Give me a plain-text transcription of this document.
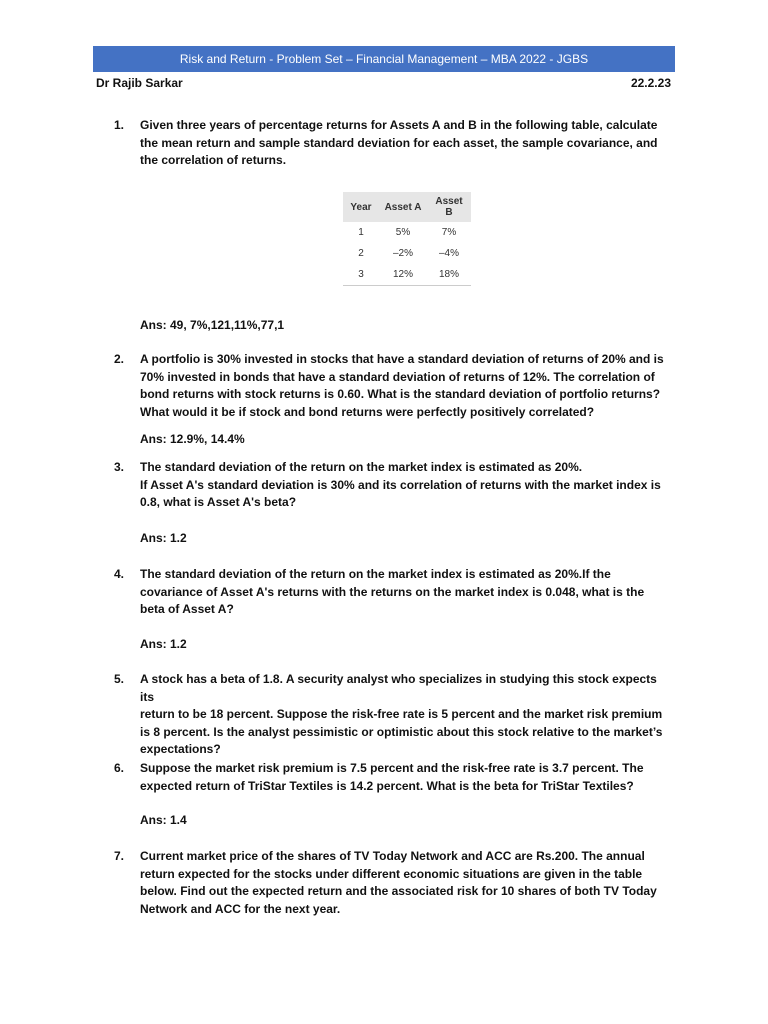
Risk and Return - Problem Set – Financial Management – MBA 2022 - JGBS
Dr Rajib Sarkar	22.2.23
1.	Given three years of percentage returns for Assets A and B in the following table, calculate

the mean return and sample standard deviation for each asset, the sample covariance, and

the correlation of returns.

Year	Asset A	Asset B
1	5%	7%
2	–2%	–4%
3	12%	18%
Ans: 49, 7%,121,11%,77,1
2.	A portfolio is 30% invested in stocks that have a standard deviation of returns of 20% and is

70% invested in bonds that have a standard deviation of returns of 12%. The correlation of

bond returns with stock returns is 0.60. What is the standard deviation of portfolio returns?

What would it be if stock and bond returns were perfectly positively correlated?

Ans: 12.9%, 14.4%
3.	The standard deviation of the return on the market index is estimated as 20%.

If Asset A's standard deviation is 30% and its correlation of returns with the market index is

0.8, what is Asset A's beta?

Ans: 1.2
4.	The standard deviation of the return on the market index is estimated as 20%.If the

covariance of Asset A's returns with the returns on the market index is 0.048, what is the

beta of Asset A?

Ans: 1.2
5.	A stock has a beta of 1.8. A security analyst who specializes in studying this stock expects its

return to be 18 percent. Suppose the risk-free rate is 5 percent and the market risk premium

is 8 percent. Is the analyst pessimistic or optimistic about this stock relative to the market’s

expectations?

6.	Suppose the market risk premium is 7.5 percent and the risk-free rate is 3.7 percent. The

expected return of TriStar Textiles is 14.2 percent. What is the beta for TriStar Textiles?

Ans: 1.4
7.	Current market price of the shares of TV Today Network and ACC are Rs.200. The annual

return expected for the stocks under different economic situations are given in the table

below. Find out the expected return and the associated risk for 10 shares of both TV Today

Network and ACC for the next year.
